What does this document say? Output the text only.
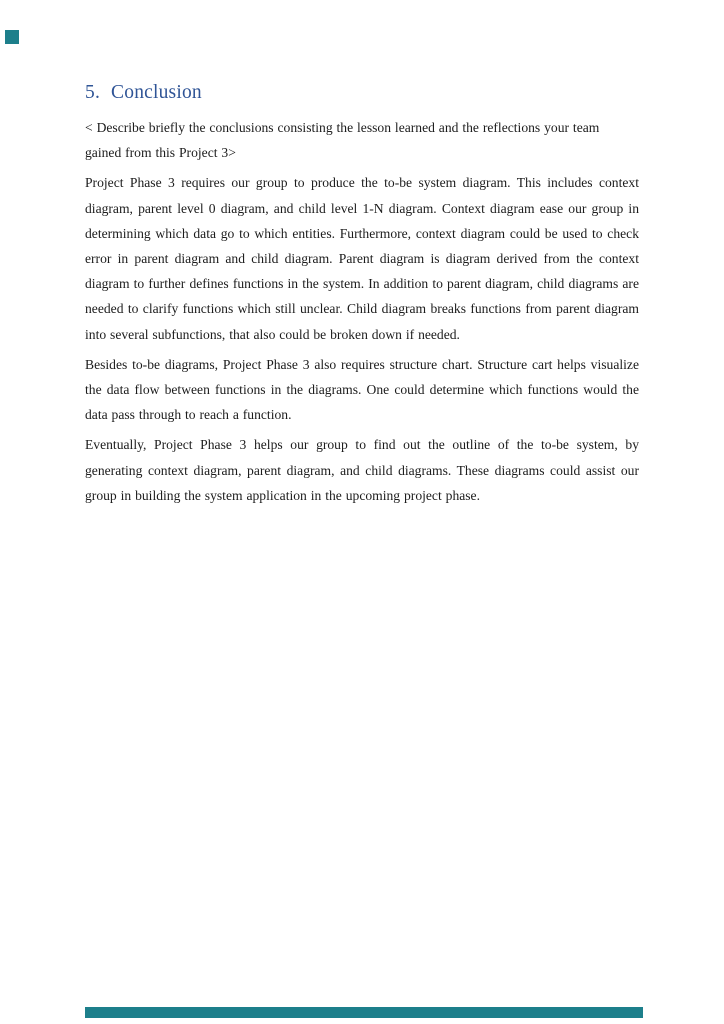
5. Conclusion

< Describe briefly the conclusions consisting the lesson learned and the reflections your team gained from this Project 3>

Project Phase 3 requires our group to produce the to-be system diagram. This includes context diagram, parent level 0 diagram, and child level 1-N diagram. Context diagram ease our group in determining which data go to which entities. Furthermore, context diagram could be used to check error in parent diagram and child diagram. Parent diagram is diagram derived from the context diagram to further defines functions in the system. In addition to parent diagram, child diagrams are needed to clarify functions which still unclear. Child diagram breaks functions from parent diagram into several subfunctions, that also could be broken down if needed.

Besides to-be diagrams, Project Phase 3 also requires structure chart. Structure cart helps visualize the data flow between functions in the diagrams. One could determine which functions would the data pass through to reach a function.

Eventually, Project Phase 3 helps our group to find out the outline of the to-be system, by generating context diagram, parent diagram, and child diagrams. These diagrams could assist our group in building the system application in the upcoming project phase.
